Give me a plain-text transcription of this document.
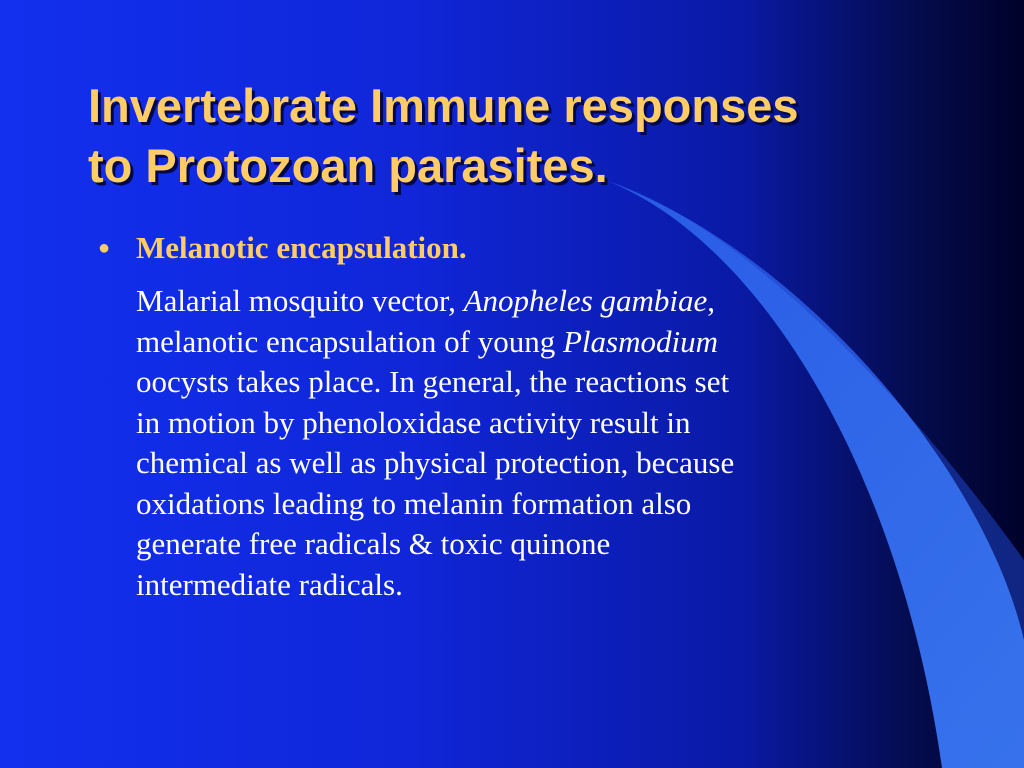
Invertebrate Immune responses
to Protozoan parasites.
● Melanotic encapsulation.

Malarial mosquito vector, Anopheles gambiae,
melanotic encapsulation of young Plasmodium
oocysts takes place. In general, the reactions set
in motion by phenoloxidase activity result in
chemical as well as physical protection, because
oxidations leading to melanin formation also
generate free radicals & toxic quinone
intermediate radicals.
